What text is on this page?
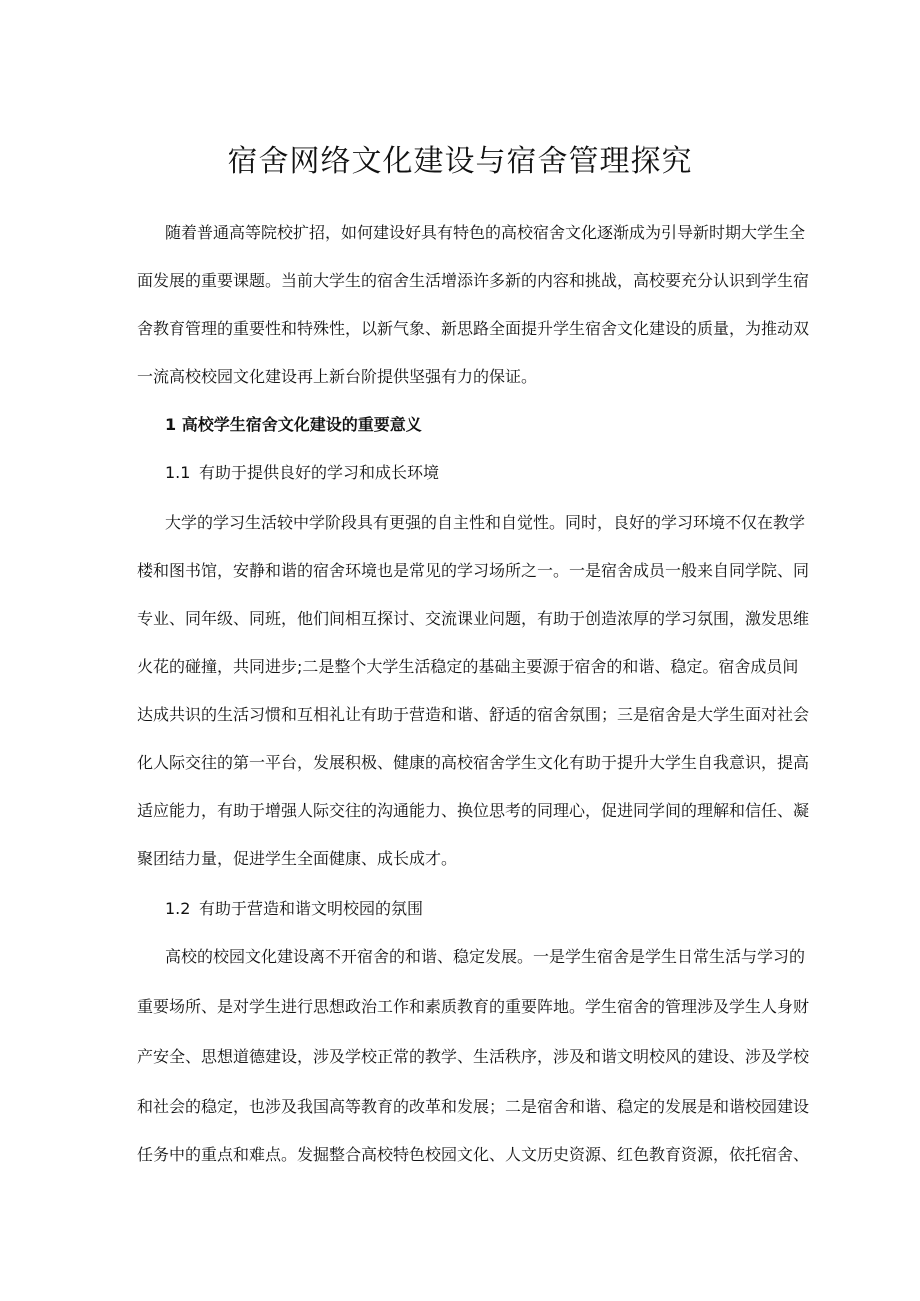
宿舍网络文化建设与宿舍管理探究
随着普通高等院校扩招，如何建设好具有特色的高校宿舍文化逐渐成为引导新时期大学生全
面发展的重要课题。当前大学生的宿舍生活增添许多新的内容和挑战，高校要充分认识到学生宿
舍教育管理的重要性和特殊性，以新气象、新思路全面提升学生宿舍文化建设的质量，为推动双
一流高校校园文化建设再上新台阶提供坚强有力的保证。
1 高校学生宿舍文化建设的重要意义
1.1 有助于提供良好的学习和成长环境
大学的学习生活较中学阶段具有更强的自主性和自觉性。同时，良好的学习环境不仅在教学
楼和图书馆，安静和谐的宿舍环境也是常见的学习场所之一。一是宿舍成员一般来自同学院、同
专业、同年级、同班，他们间相互探讨、交流课业问题，有助于创造浓厚的学习氛围，激发思维
火花的碰撞，共同进步;二是整个大学生活稳定的基础主要源于宿舍的和谐、稳定。宿舍成员间
达成共识的生活习惯和互相礼让有助于营造和谐、舒适的宿舍氛围；三是宿舍是大学生面对社会
化人际交往的第一平台，发展积极、健康的高校宿舍学生文化有助于提升大学生自我意识，提高
适应能力，有助于增强人际交往的沟通能力、换位思考的同理心，促进同学间的理解和信任、凝
聚团结力量，促进学生全面健康、成长成才。
1.2 有助于营造和谐文明校园的氛围
高校的校园文化建设离不开宿舍的和谐、稳定发展。一是学生宿舍是学生日常生活与学习的
重要场所、是对学生进行思想政治工作和素质教育的重要阵地。学生宿舍的管理涉及学生人身财
产安全、思想道德建设，涉及学校正常的教学、生活秩序，涉及和谐文明校风的建设、涉及学校
和社会的稳定，也涉及我国高等教育的改革和发展；二是宿舍和谐、稳定的发展是和谐校园建设
任务中的重点和难点。发掘整合高校特色校园文化、人文历史资源、红色教育资源，依托宿舍、
